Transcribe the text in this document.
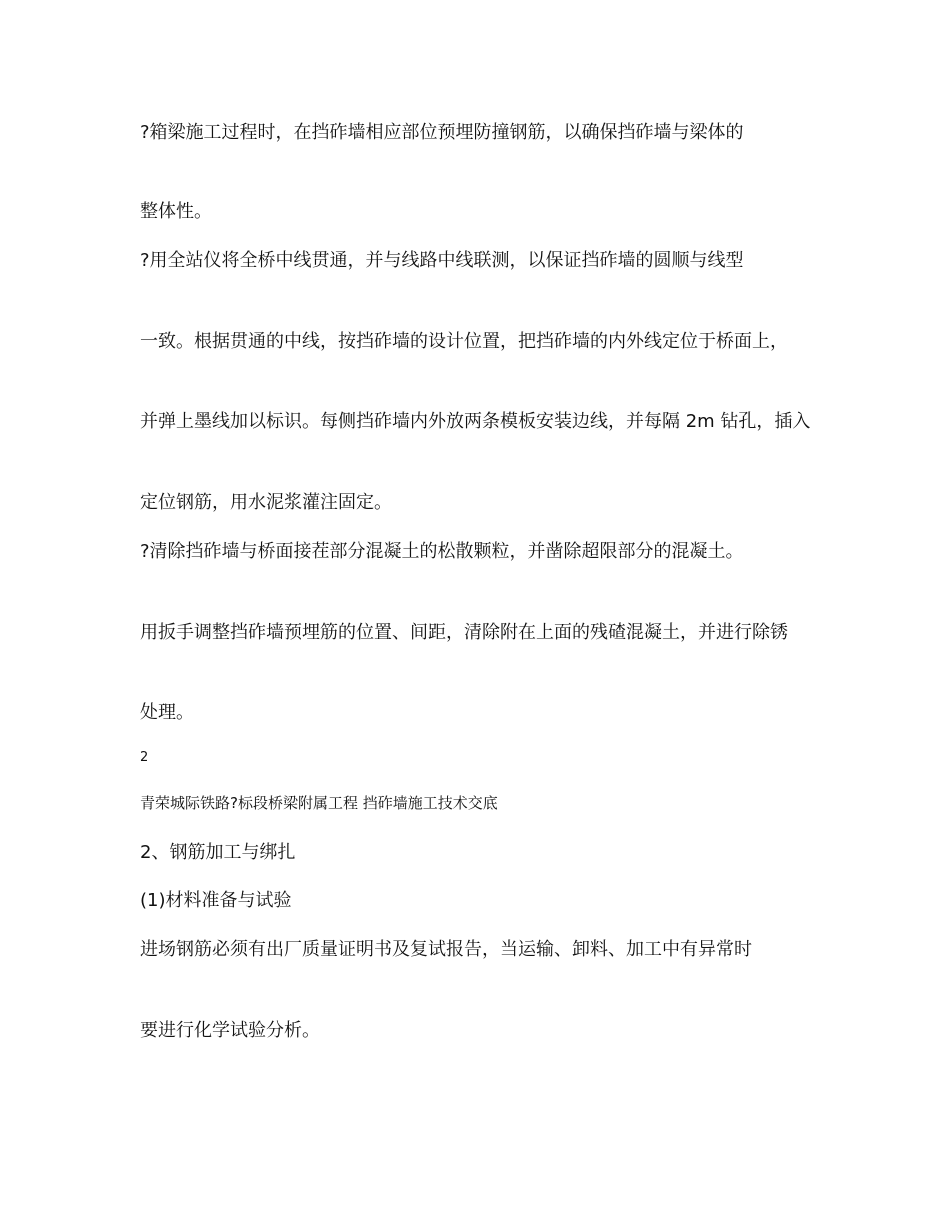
?箱梁施工过程时，在挡砟墙相应部位预埋防撞钢筋，以确保挡砟墙与梁体的

整体性。

?用全站仪将全桥中线贯通，并与线路中线联测，以保证挡砟墙的圆顺与线型

一致。根据贯通的中线，按挡砟墙的设计位置，把挡砟墙的内外线定位于桥面上，

并弹上墨线加以标识。每侧挡砟墙内外放两条模板安装边线，并每隔 2m 钻孔，插入

定位钢筋，用水泥浆灌注固定。

?清除挡砟墙与桥面接茬部分混凝土的松散颗粒，并凿除超限部分的混凝土。

用扳手调整挡砟墙预埋筋的位置、间距，清除附在上面的残碴混凝土，并进行除锈

处理。

2

青荣城际铁路?标段桥梁附属工程 挡砟墙施工技术交底

2、钢筋加工与绑扎

(1)材料准备与试验

进场钢筋必须有出厂质量证明书及复试报告，当运输、卸料、加工中有异常时

要进行化学试验分析。
